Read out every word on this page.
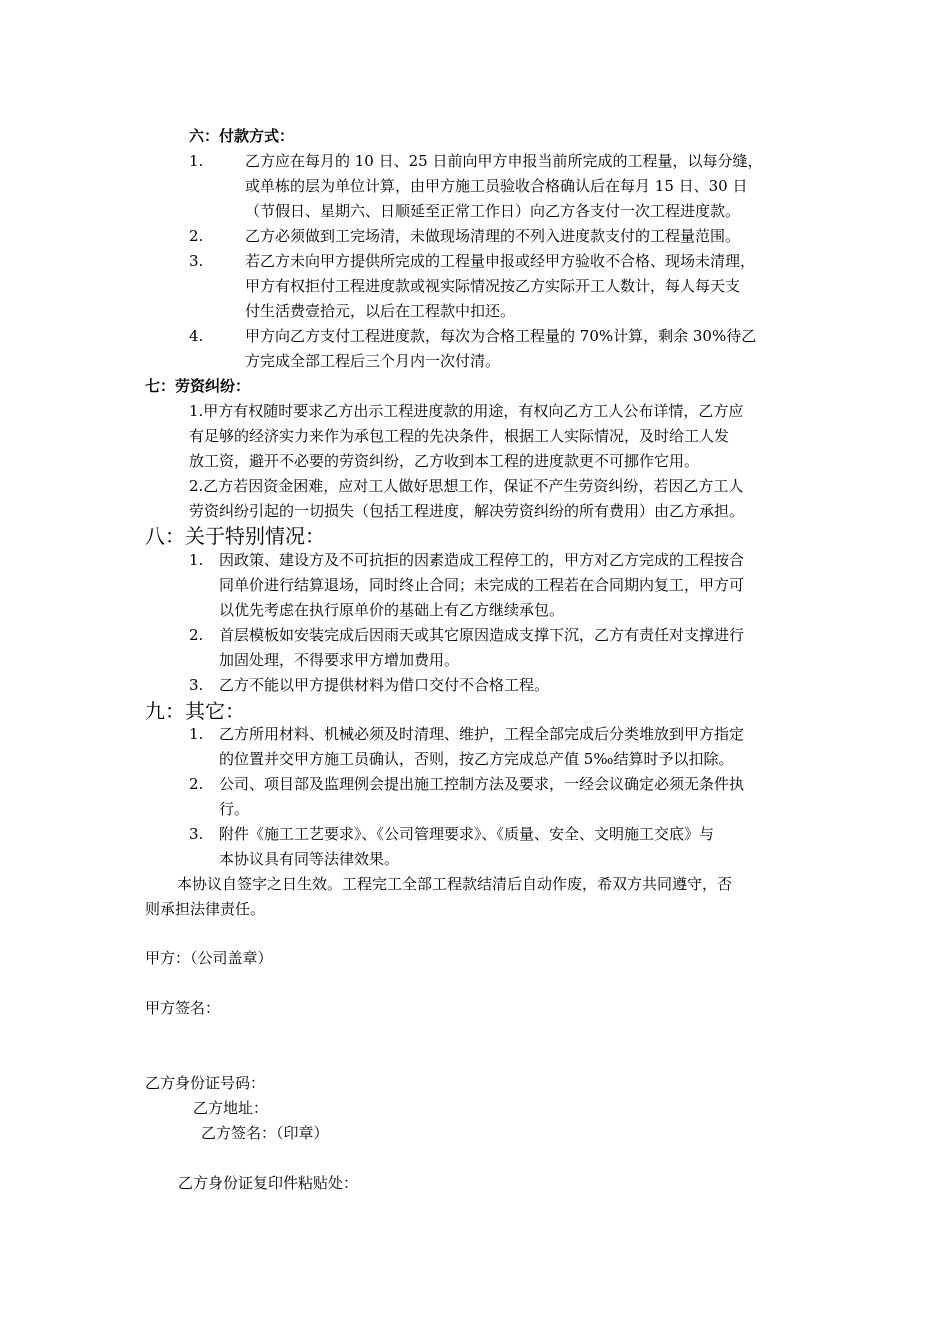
六：付款方式：
1.	乙方应在每月的 10 日、25 日前向甲方申报当前所完成的工程量，以每分缝，
或单栋的层为单位计算，由甲方施工员验收合格确认后在每月 15 日、30 日
（节假日、星期六、日顺延至正常工作日）向乙方各支付一次工程进度款。
2.	乙方必须做到工完场清，未做现场清理的不列入进度款支付的工程量范围。
3.	若乙方未向甲方提供所完成的工程量申报或经甲方验收不合格、现场未清理，
甲方有权拒付工程进度款或视实际情况按乙方实际开工人数计，每人每天支
付生活费壹拾元，以后在工程款中扣还。
4.	甲方向乙方支付工程进度款，每次为合格工程量的 70%计算，剩余 30%待乙
方完成全部工程后三个月内一次付清。
七：劳资纠纷：
1.甲方有权随时要求乙方出示工程进度款的用途，有权向乙方工人公布详情，乙方应
有足够的经济实力来作为承包工程的先决条件，根据工人实际情况，及时给工人发
放工资，避开不必要的劳资纠纷，乙方收到本工程的进度款更不可挪作它用。
2.乙方若因资金困难，应对工人做好思想工作，保证不产生劳资纠纷，若因乙方工人
劳资纠纷引起的一切损失（包括工程进度，解决劳资纠纷的所有费用）由乙方承担。
八：关于特别情况：
1. 因政策、建设方及不可抗拒的因素造成工程停工的，甲方对乙方完成的工程按合
同单价进行结算退场，同时终止合同；未完成的工程若在合同期内复工，甲方可
以优先考虑在执行原单价的基础上有乙方继续承包。
2. 首层模板如安装完成后因雨天或其它原因造成支撑下沉，乙方有责任对支撑进行
加固处理，不得要求甲方增加费用。
3. 乙方不能以甲方提供材料为借口交付不合格工程。
九：其它：
1. 乙方所用材料、机械必须及时清理、维护，工程全部完成后分类堆放到甲方指定
的位置并交甲方施工员确认，否则，按乙方完成总产值 5‰结算时予以扣除。
2. 公司、项目部及监理例会提出施工控制方法及要求，一经会议确定必须无条件执
行。
3. 附件《施工工艺要求》、《公司管理要求》、《质量、安全、文明施工交底》与
本协议具有同等法律效果。
本协议自签字之日生效。工程完工全部工程款结清后自动作废，希双方共同遵守，否
则承担法律责任。
甲方：（公司盖章）
甲方签名：
乙方身份证号码：
乙方地址：
乙方签名：（印章）
乙方身份证复印件粘贴处：
